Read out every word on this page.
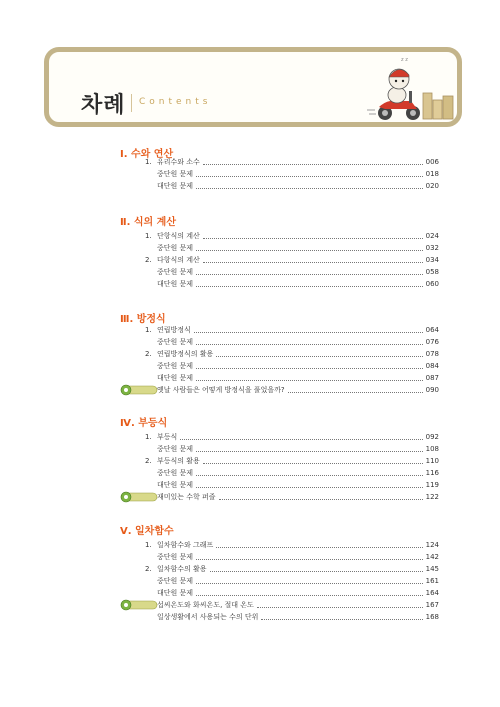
차례 Contents
z z
Ⅰ. 수와 연산
1. 유리수와 소수	006
중단원 문제	018
대단원 문제	020
Ⅱ. 식의 계산
1. 단항식의 계산	024
중단원 문제	032
2. 다항식의 계산	034
중단원 문제	058
대단원 문제	060
Ⅲ. 방정식
1. 연립방정식	064
중단원 문제	076
2. 연립방정식의 활용	078
중단원 문제	084
대단원 문제	087
옛날 사람들은 어떻게 방정식을 풀었을까?	090
Ⅳ. 부등식
1. 부등식	092
중단원 문제	108
2. 부등식의 활용	110
중단원 문제	116
대단원 문제	119
재미있는 수학 퍼즐	122
Ⅴ. 일차함수
1. 일차함수와 그래프	124
중단원 문제	142
2. 일차함수의 활용	145
중단원 문제	161
대단원 문제	164
섭씨온도와 화씨온도, 절대 온도	167
일상생활에서 사용되는 수의 단위	168
